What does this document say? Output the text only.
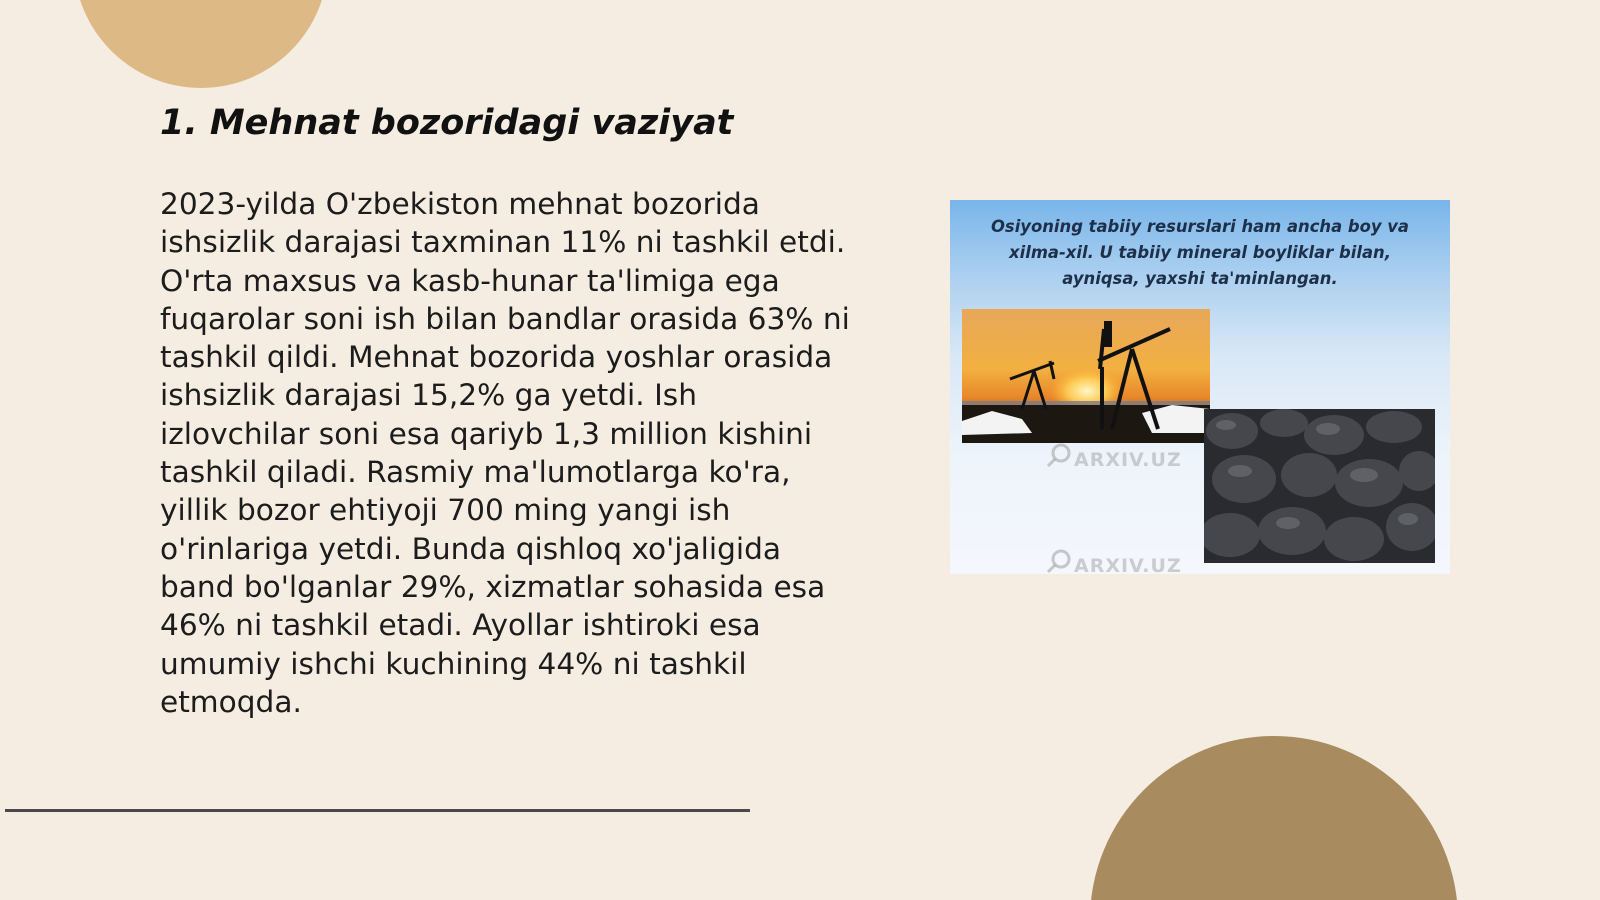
1. Mehnat bozoridagi vaziyat

2023-yilda O'zbekiston mehnat bozorida ishsizlik darajasi taxminan 11% ni tashkil etdi. O'rta maxsus va kasb-hunar ta'limiga ega fuqarolar soni ish bilan bandlar orasida 63% ni tashkil qildi. Mehnat bozorida yoshlar orasida ishsizlik darajasi 15,2% ga yetdi. Ish izlovchilar soni esa qariyb 1,3 million kishini tashkil qiladi. Rasmiy ma'lumotlarga ko'ra, yillik bozor ehtiyoji 700 ming yangi ish o'rinlariga yetdi. Bunda qishloq xo'jaligida band bo'lganlar 29%, xizmatlar sohasida esa 46% ni tashkil etadi. Ayollar ishtiroki esa umumiy ishchi kuchining 44% ni tashkil etmoqda.

Osiyoning tabiiy resurslari ham ancha boy va
xilma-xil. U tabiiy mineral boyliklar bilan,
ayniqsa, yaxshi ta'minlangan.
ARXIV.UZ
ARXIV.UZ
